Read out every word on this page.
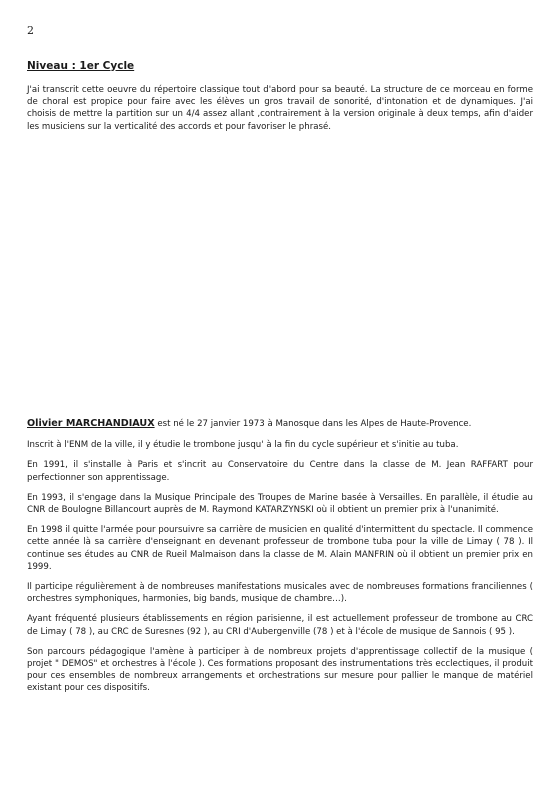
2
Niveau : 1er Cycle

J'ai transcrit cette oeuvre du répertoire classique tout d'abord pour sa beauté. La structure de ce morceau en forme de choral est propice pour faire avec les élèves un gros travail de sonorité, d'intonation et de dynamiques. J'ai choisis de mettre la partition sur un 4/4 assez allant ,contrairement à la version originale à deux temps, afin d'aider les musiciens sur la verticalité des accords et pour favoriser le phrasé.

Olivier MARCHANDIAUX est né le 27 janvier 1973 à Manosque dans les Alpes de Haute-Provence.

Inscrit à l'ENM de la ville, il y étudie le trombone jusqu' à la fin du cycle supérieur et s'initie au tuba.

En 1991, il s'installe à Paris et s'incrit au Conservatoire du Centre dans la classe de M. Jean RAFFART pour perfectionner son apprentissage.

En 1993, il s'engage dans la Musique Principale des Troupes de Marine basée à Versailles. En parallèle, il étudie au CNR de Boulogne Billancourt auprès de M. Raymond KATARZYNSKI où il obtient un premier prix à l'unanimité.

En 1998 il quitte l'armée pour poursuivre sa carrière de musicien en qualité d'intermittent du spectacle. Il commence cette année là sa carrière d'enseignant en devenant professeur de trombone tuba pour la ville de Limay ( 78 ). Il continue ses études au CNR de Rueil Malmaison dans la classe de M. Alain MANFRIN où il obtient un premier prix en 1999.

Il participe régulièrement à de nombreuses manifestations musicales avec de nombreuses formations franciliennes ( orchestres symphoniques, harmonies, big bands, musique de chambre…).

Ayant fréquenté plusieurs établissements en région parisienne, il est actuellement professeur de trombone au CRC de Limay ( 78 ), au CRC de Suresnes (92 ), au CRI d'Aubergenville (78 ) et à l'école de musique de Sannois ( 95 ).

Son parcours pédagogique l'amène à participer à de nombreux projets d'apprentissage collectif de la musique ( projet " DEMOS" et orchestres à l'école ). Ces formations proposant des instrumentations très ecclectiques, il produit pour ces ensembles de nombreux arrangements et orchestrations sur mesure pour pallier le manque de matériel existant pour ces dispositifs.
